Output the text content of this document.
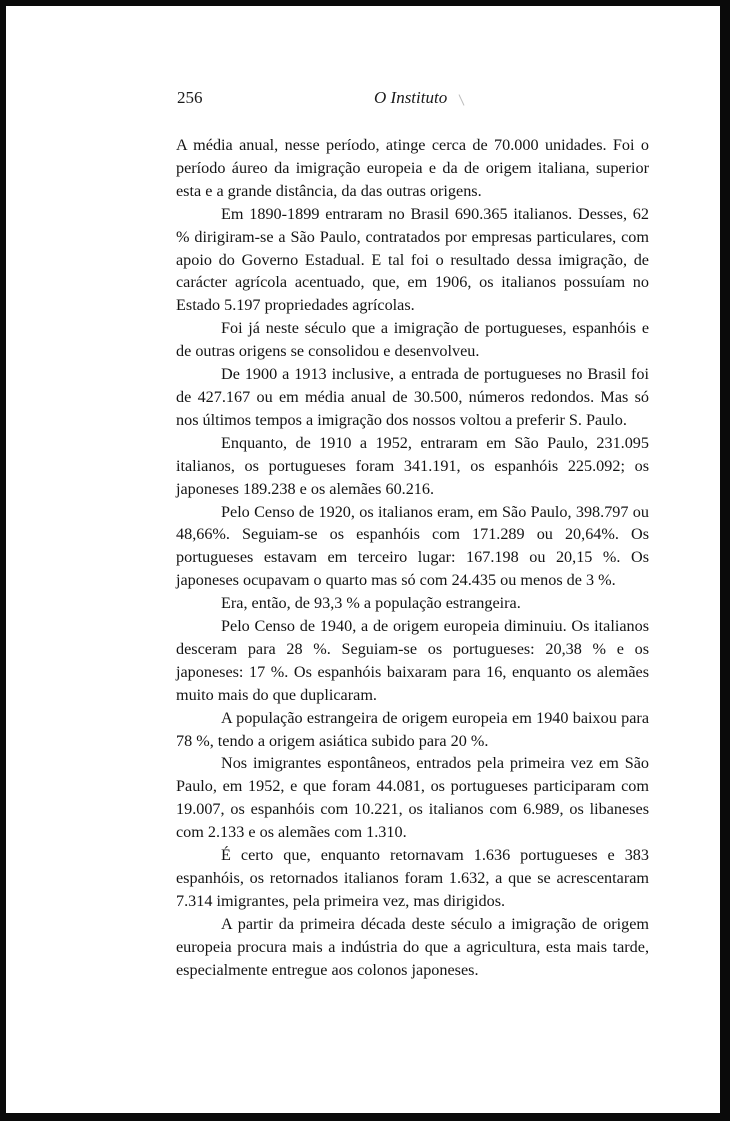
256	O Instituto

A média anual, nesse período, atinge cerca de 70.000 unidades. Foi o período áureo da imigração europeia e da de origem italiana, superior esta e a grande distância, da das outras origens.

Em 1890-1899 entraram no Brasil 690.365 italianos. Desses, 62 % dirigiram-se a São Paulo, contratados por empresas particulares, com apoio do Governo Estadual. E tal foi o resultado dessa imigração, de carácter agrícola acentuado, que, em 1906, os italianos possuíam no Estado 5.197 propriedades agrícolas.

Foi já neste século que a imigração de portugueses, espanhóis e de outras origens se consolidou e desenvolveu.

De 1900 a 1913 inclusive, a entrada de portugueses no Brasil foi de 427.167 ou em média anual de 30.500, números redondos. Mas só nos últimos tempos a imigração dos nossos voltou a preferir S. Paulo.

Enquanto, de 1910 a 1952, entraram em São Paulo, 231.095 italianos, os portugueses foram 341.191, os espanhóis 225.092; os japoneses 189.238 e os alemães 60.216.

Pelo Censo de 1920, os italianos eram, em São Paulo, 398.797 ou 48,66%. Seguiam-se os espanhóis com 171.289 ou 20,64%. Os portugueses estavam em terceiro lugar: 167.198 ou 20,15 %. Os japoneses ocupavam o quarto mas só com 24.435 ou menos de 3 %.

Era, então, de 93,3 % a população estrangeira.

Pelo Censo de 1940, a de origem europeia diminuiu. Os italianos desceram para 28 %. Seguiam-se os portugueses: 20,38 % e os japoneses: 17 %. Os espanhóis baixaram para 16, enquanto os alemães muito mais do que duplicaram.

A população estrangeira de origem europeia em 1940 baixou para 78 %, tendo a origem asiática subido para 20 %.

Nos imigrantes espontâneos, entrados pela primeira vez em São Paulo, em 1952, e que foram 44.081, os portugueses participaram com 19.007, os espanhóis com 10.221, os italianos com 6.989, os libaneses com 2.133 e os alemães com 1.310.

É certo que, enquanto retornavam 1.636 portugueses e 383 espanhóis, os retornados italianos foram 1.632, a que se acrescentaram 7.314 imigrantes, pela primeira vez, mas dirigidos.

A partir da primeira década deste século a imigração de origem europeia procura mais a indústria do que a agricultura, esta mais tarde, especialmente entregue aos colonos japoneses.
